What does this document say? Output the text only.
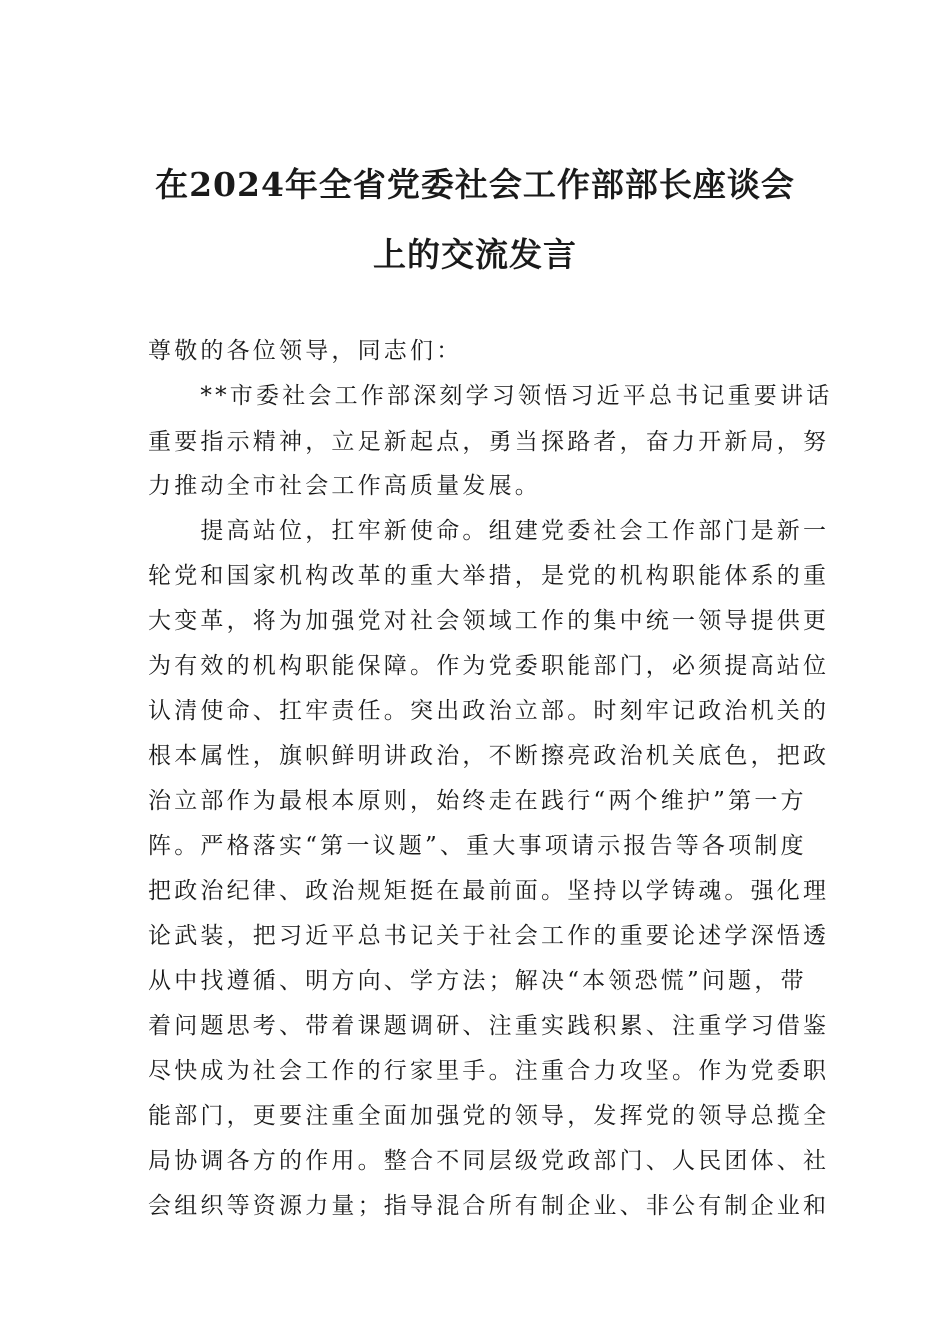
在2024年全省党委社会工作部部长座谈会
上的交流发言

尊敬的各位领导，同志们：

　　**市委社会工作部深刻学习领悟习近平总书记重要讲话

重要指示精神，立足新起点，勇当探路者，奋力开新局，努

力推动全市社会工作高质量发展。

　　提高站位，扛牢新使命。组建党委社会工作部门是新一

轮党和国家机构改革的重大举措，是党的机构职能体系的重

大变革，将为加强党对社会领域工作的集中统一领导提供更

为有效的机构职能保障。作为党委职能部门，必须提高站位

认清使命、扛牢责任。突出政治立部。时刻牢记政治机关的

根本属性，旗帜鲜明讲政治，不断擦亮政治机关底色，把政

治立部作为最根本原则，始终走在践行“两个维护”第一方

阵。严格落实“第一议题”、重大事项请示报告等各项制度

把政治纪律、政治规矩挺在最前面。坚持以学铸魂。强化理

论武装，把习近平总书记关于社会工作的重要论述学深悟透

从中找遵循、明方向、学方法；解决“本领恐慌”问题，带

着问题思考、带着课题调研、注重实践积累、注重学习借鉴

尽快成为社会工作的行家里手。注重合力攻坚。作为党委职

能部门，更要注重全面加强党的领导，发挥党的领导总揽全

局协调各方的作用。整合不同层级党政部门、人民团体、社

会组织等资源力量；指导混合所有制企业、非公有制企业和
